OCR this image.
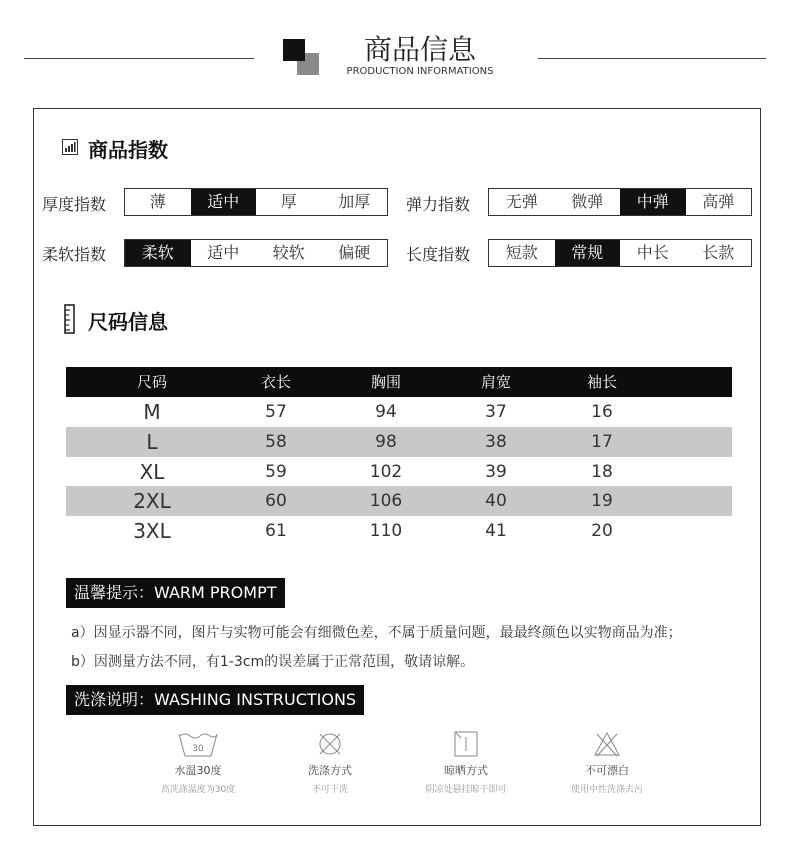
商品信息
PRODUCTION INFORMATIONS
商品指数
厚度指数	薄	适中	厚	加厚	弹力指数	无弹	微弹	中弹	高弹
柔软指数	柔软	适中	较软	偏硬	长度指数	短款	常规	中长	长款
尺码信息
尺码	衣长	胸围	肩宽	袖长
M	57	94	37	16
L	58	98	38	17
XL	59	102	39	18
2XL	60	106	40	19
3XL	61	110	41	20
温馨提示：WARM PROMPT
a）因显示器不同，图片与实物可能会有细微色差，不属于质量问题，最最终颜色以实物商品为准；
b）因测量方法不同，有1-3cm的误差属于正常范围，敬请谅解。
洗涤说明：WASHING INSTRUCTIONS
30
水温30度
高洗涤温度为30度
洗涤方式
不可干洗
晾晒方式
阴凉处悬挂晾干即可
不可漂白
使用中性洗涤去污
